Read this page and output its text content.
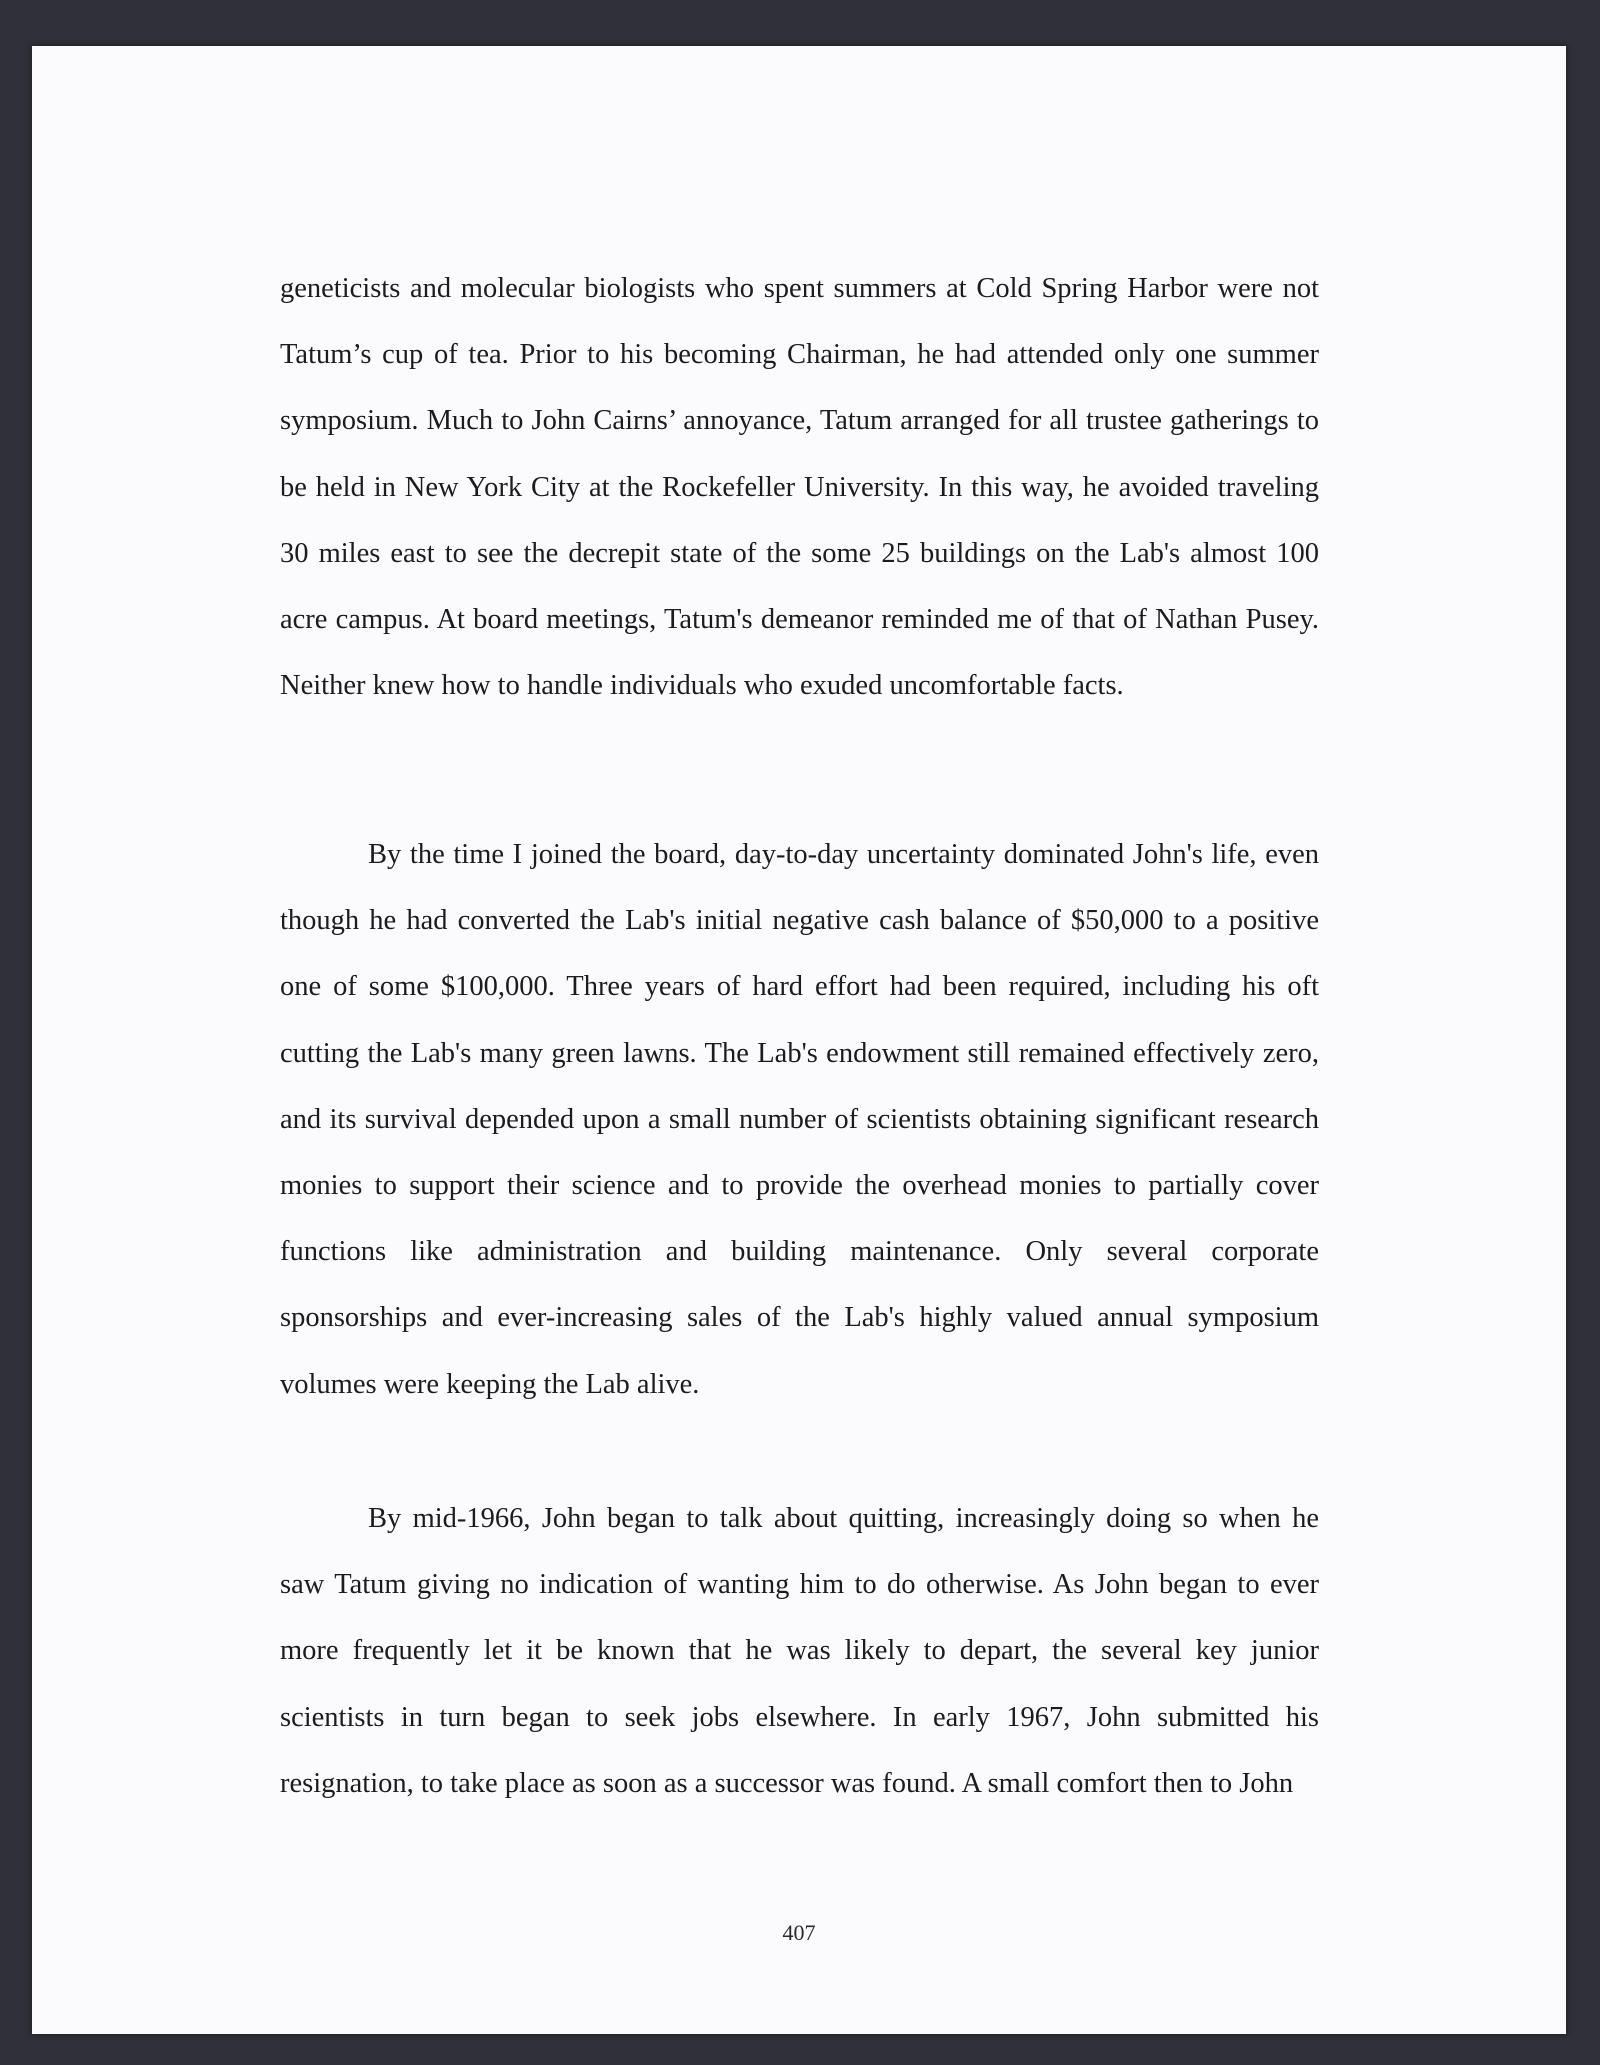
geneticists and molecular biologists who spent summers at Cold Spring Harbor were not Tatum’s cup of tea. Prior to his becoming Chairman, he had attended only one summer symposium. Much to John Cairns’ annoyance, Tatum arranged for all trustee gatherings to be held in New York City at the Rockefeller University. In this way, he avoided traveling 30 miles east to see the decrepit state of the some 25 buildings on the Lab's almost 100 acre campus. At board meetings, Tatum's demeanor reminded me of that of Nathan Pusey. Neither knew how to handle individuals who exuded uncomfortable facts.

By the time I joined the board, day-to-day uncertainty dominated John's life, even though he had converted the Lab's initial negative cash balance of $50,000 to a positive one of some $100,000. Three years of hard effort had been required, including his oft cutting the Lab's many green lawns. The Lab's endowment still remained effectively zero, and its survival depended upon a small number of scientists obtaining significant research monies to support their science and to provide the overhead monies to partially cover functions like administration and building maintenance. Only several corporate sponsorships and ever-increasing sales of the Lab's highly valued annual symposium volumes were keeping the Lab alive.

By mid-1966, John began to talk about quitting, increasingly doing so when he saw Tatum giving no indication of wanting him to do otherwise. As John began to ever more frequently let it be known that he was likely to depart, the several key junior scientists in turn began to seek jobs elsewhere. In early 1967, John submitted his resignation, to take place as soon as a successor was found. A small comfort then to John

407
